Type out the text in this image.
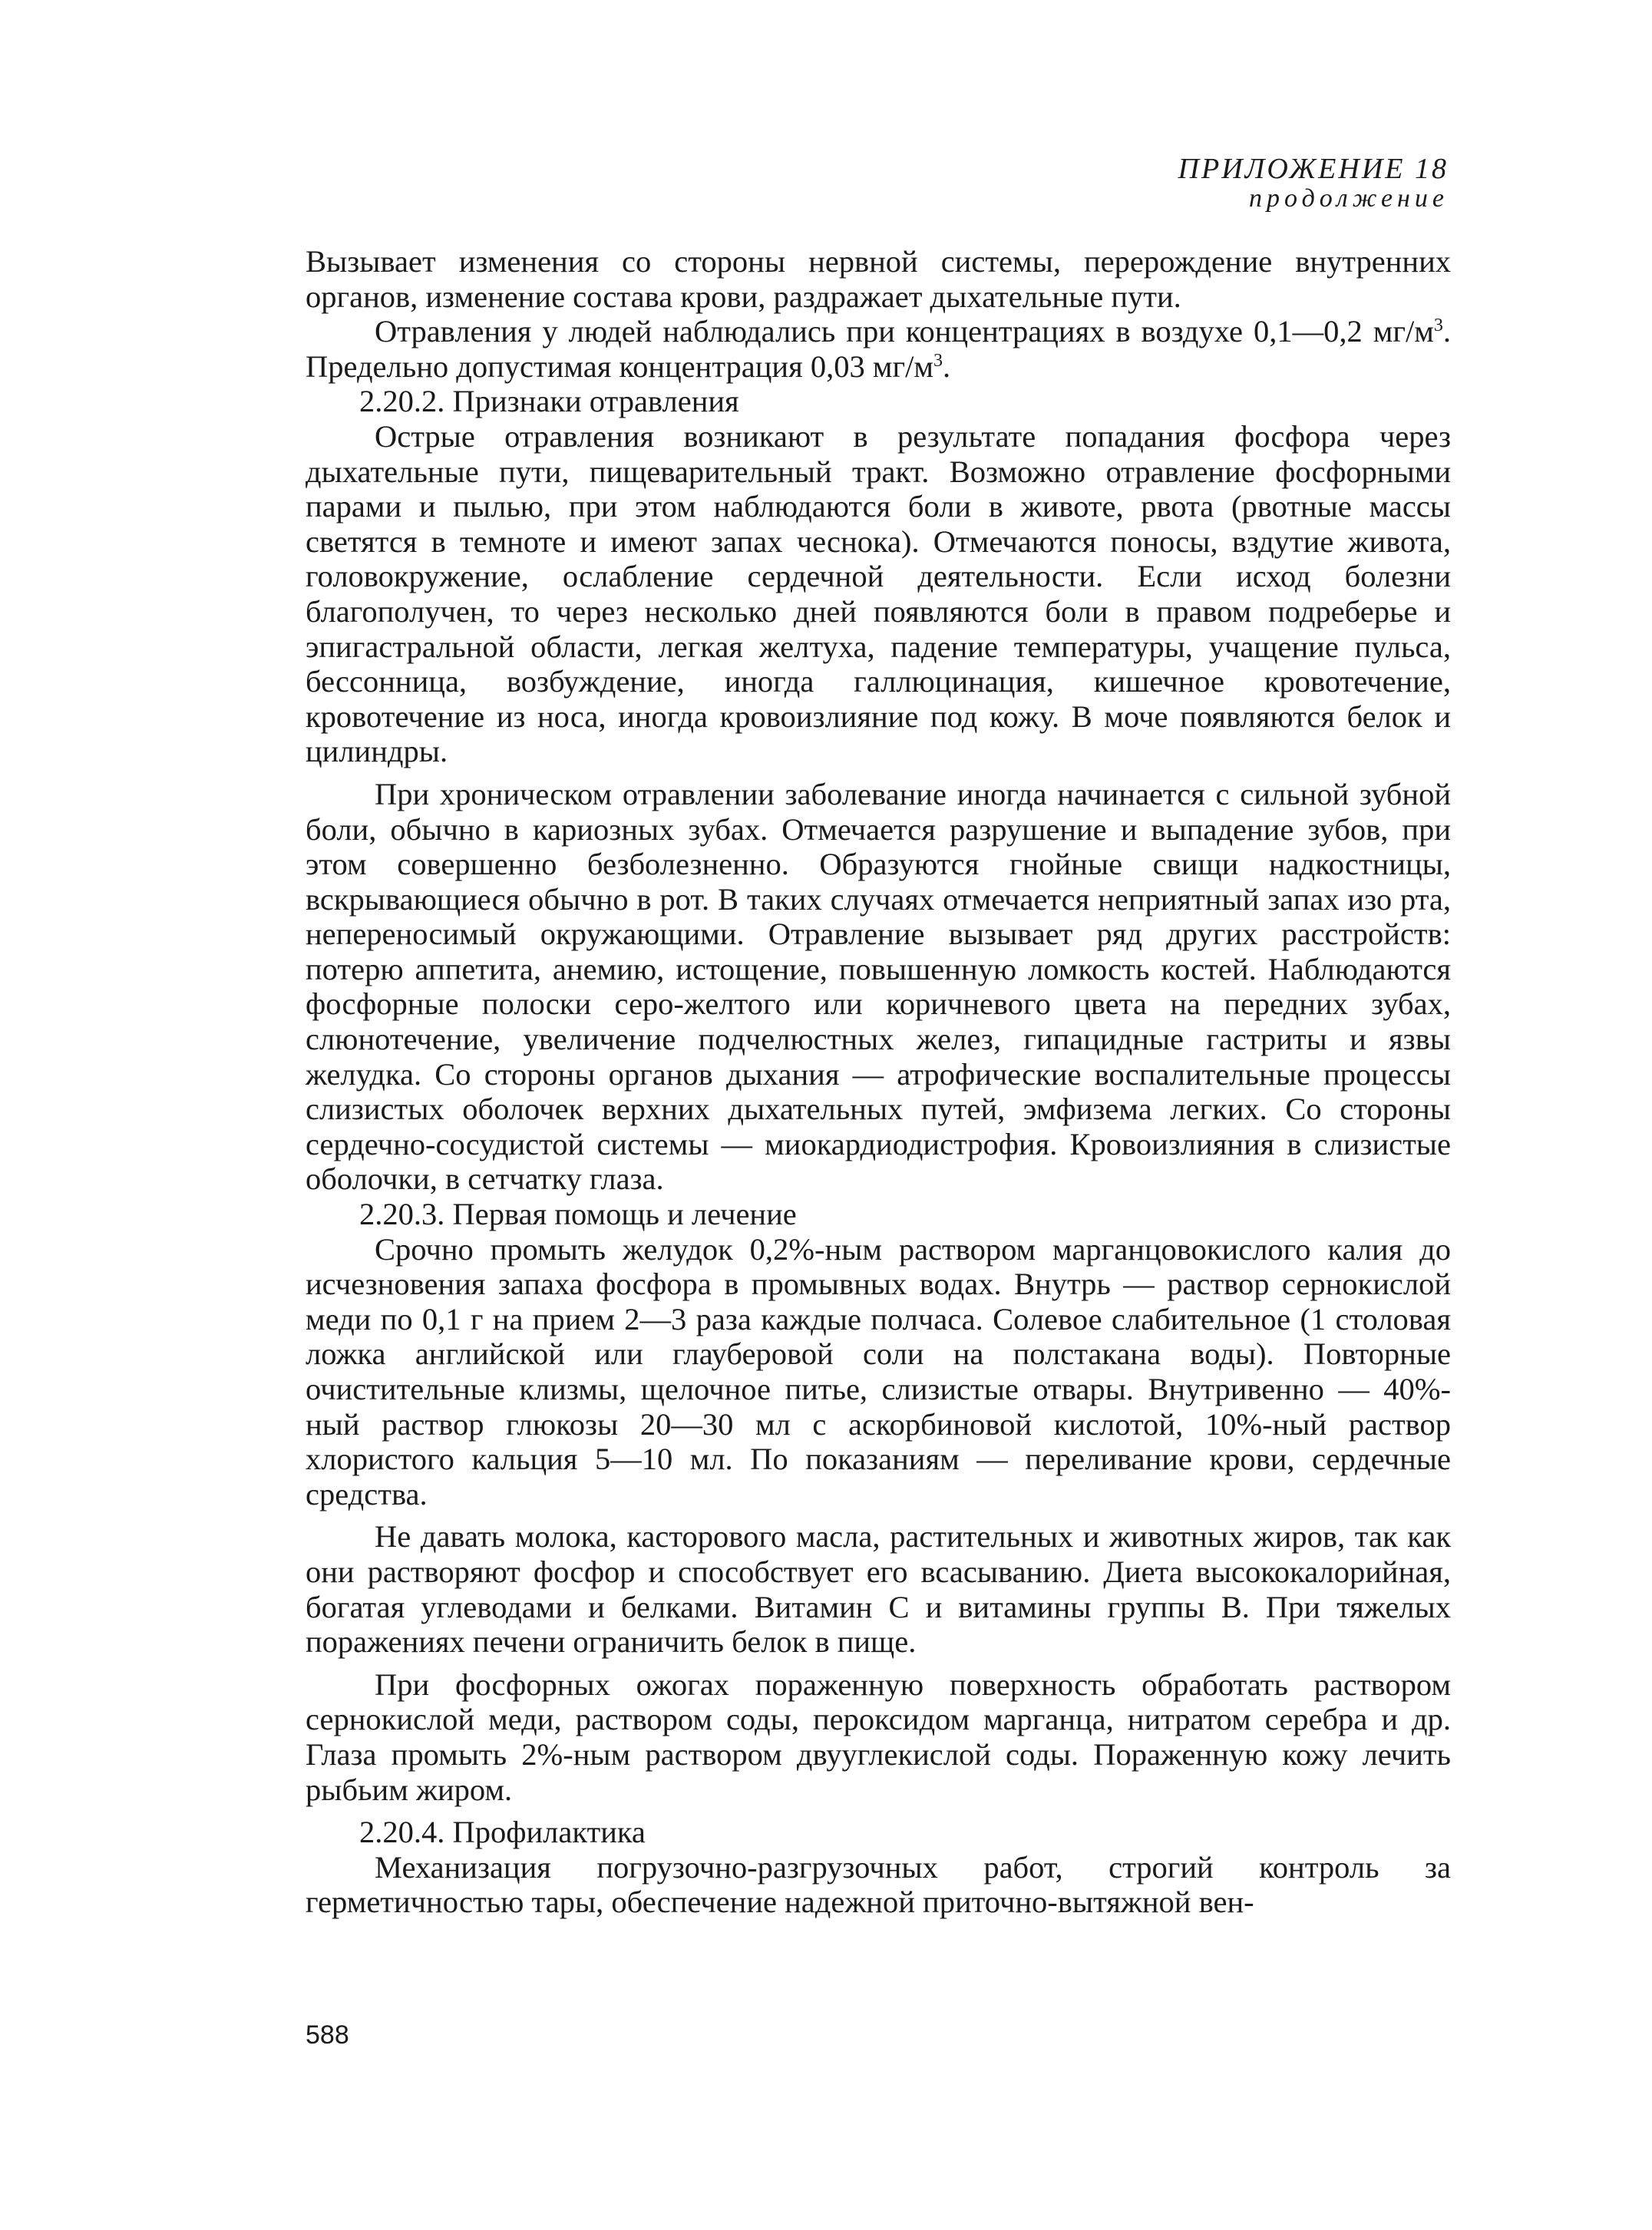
ПРИЛОЖЕНИЕ 18
продолжение

Вызывает изменения со стороны нервной системы, перерождение внутренних органов, изменение состава крови, раздражает дыхательные пути.

Отравления у людей наблюдались при концентрациях в воздухе 0,1—0,2 $мг/м^3$. Предельно допустимая концентрация 0,03 $мг/м^3$.

2.20.2. Признаки отравления

Острые отравления возникают в результате попадания фосфора через дыхательные пути, пищеварительный тракт. Возможно отравление фосфорными парами и пылью, при этом наблюдаются боли в животе, рвота (рвотные массы светятся в темноте и имеют запах чеснока). Отмечаются поносы, вздутие живота, головокружение, ослабление сердечной деятельности. Если исход болезни благополучен, то через несколько дней появляются боли в правом подреберье и эпигастральной области, легкая желтуха, падение температуры, учащение пульса, бессонница, возбуждение, иногда галлюцинация, кишечное кровотечение, кровотечение из носа, иногда кровоизлияние под кожу. В моче появляются белок и цилиндры.

При хроническом отравлении заболевание иногда начинается с сильной зубной боли, обычно в кариозных зубах. Отмечается разрушение и выпадение зубов, при этом совершенно безболезненно. Образуются гнойные свищи надкостницы, вскрывающиеся обычно в рот. В таких случаях отмечается неприятный запах изо рта, непереносимый окружающими. Отравление вызывает ряд других расстройств: потерю аппетита, анемию, истощение, повышенную ломкость костей. Наблюдаются фосфорные полоски серо-желтого или коричневого цвета на передних зубах, слюнотечение, увеличение подчелюстных желез, гипацидные гастриты и язвы желудка. Со стороны органов дыхания — атрофические воспалительные процессы слизистых оболочек верхних дыхательных путей, эмфизема легких. Со стороны сердечно-сосудистой системы — миокардиодистрофия. Кровоизлияния в слизистые оболочки, в сетчатку глаза.

2.20.3. Первая помощь и лечение

Срочно промыть желудок 0,2%-ным раствором марганцовокислого калия до исчезновения запаха фосфора в промывных водах. Внутрь — раствор сернокислой меди по 0,1 г на прием 2—3 раза каждые полчаса. Солевое слабительное (1 столовая ложка английской или глауберовой соли на полстакана воды). Повторные очистительные клизмы, щелочное питье, слизистые отвары. Внутривенно — 40%-ный раствор глюкозы 20—30 мл с аскорбиновой кислотой, 10%-ный раствор хлористого кальция 5—10 мл. По показаниям — переливание крови, сердечные средства.

Не давать молока, касторового масла, растительных и животных жиров, так как они растворяют фосфор и способствует его всасыванию. Диета высококалорийная, богатая углеводами и белками. Витамин С и витамины группы В. При тяжелых поражениях печени ограничить белок в пище.

При фосфорных ожогах пораженную поверхность обработать раствором сернокислой меди, раствором соды, пероксидом марганца, нитратом серебра и др. Глаза промыть 2%-ным раствором двууглекислой соды. Пораженную кожу лечить рыбьим жиром.

2.20.4. Профилактика

Механизация погрузочно-разгрузочных работ, строгий контроль за герметичностью тары, обеспечение надежной приточно-вытяжной вен-

588
